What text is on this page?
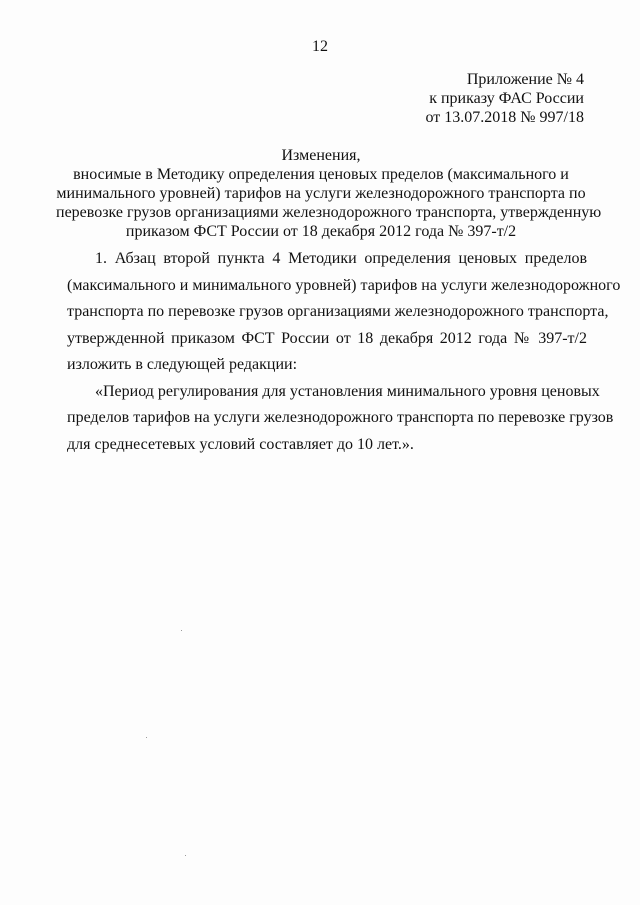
12
Приложение № 4
к приказу ФАС России
от 13.07.2018 № 997/18
Изменения,
вносимые в Методику определения ценовых пределов (максимального и
минимального уровней) тарифов на услуги железнодорожного транспорта по
перевозке грузов организациями железнодорожного транспорта, утвержденную
приказом ФСТ России от 18 декабря 2012 года № 397-т/2
1. Абзац второй пункта 4 Методики определения ценовых пределов
(максимального и минимального уровней) тарифов на услуги железнодорожного
транспорта по перевозке грузов организациями железнодорожного транспорта,
утвержденной приказом ФСТ России от 18 декабря 2012 года № 397-т/2
изложить в следующей редакции:
«Период регулирования для установления минимального уровня ценовых
пределов тарифов на услуги железнодорожного транспорта по перевозке грузов
для среднесетевых условий составляет до 10 лет.».
